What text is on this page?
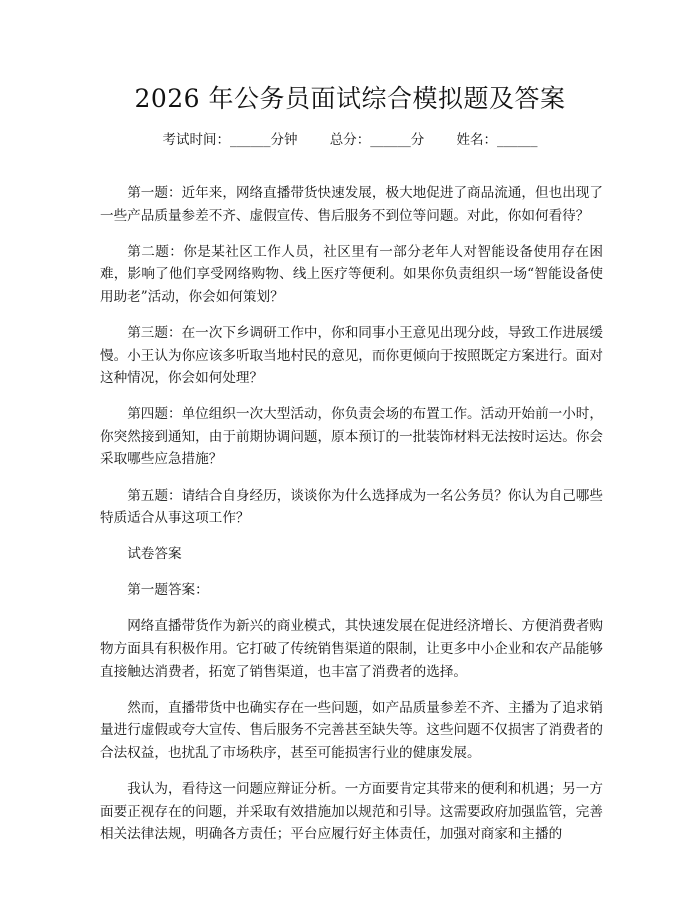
2026 年公务员面试综合模拟题及答案
考试时间：______分钟 总分：______分 姓名：______

第一题：近年来，网络直播带货快速发展，极大地促进了商品流通，但也出现了一些产品质量参差不齐、虚假宣传、售后服务不到位等问题。对此，你如何看待？

第二题：你是某社区工作人员，社区里有一部分老年人对智能设备使用存在困难，影响了他们享受网络购物、线上医疗等便利。如果你负责组织一场“智能设备使用助老”活动，你会如何策划？

第三题：在一次下乡调研工作中，你和同事小王意见出现分歧，导致工作进展缓慢。小王认为你应该多听取当地村民的意见，而你更倾向于按照既定方案进行。面对这种情况，你会如何处理？

第四题：单位组织一次大型活动，你负责会场的布置工作。活动开始前一小时，你突然接到通知，由于前期协调问题，原本预订的一批装饰材料无法按时运达。你会采取哪些应急措施？

第五题：请结合自身经历，谈谈你为什么选择成为一名公务员？你认为自己哪些特质适合从事这项工作？

试卷答案

第一题答案：

网络直播带货作为新兴的商业模式，其快速发展在促进经济增长、方便消费者购物方面具有积极作用。它打破了传统销售渠道的限制，让更多中小企业和农产品能够直接触达消费者，拓宽了销售渠道，也丰富了消费者的选择。

然而，直播带货中也确实存在一些问题，如产品质量参差不齐、主播为了追求销量进行虚假或夸大宣传、售后服务不完善甚至缺失等。这些问题不仅损害了消费者的合法权益，也扰乱了市场秩序，甚至可能损害行业的健康发展。

我认为，看待这一问题应辩证分析。一方面要肯定其带来的便利和机遇；另一方面要正视存在的问题，并采取有效措施加以规范和引导。这需要政府加强监管，完善相关法律法规，明确各方责任；平台应履行好主体责任，加强对商家和主播的
